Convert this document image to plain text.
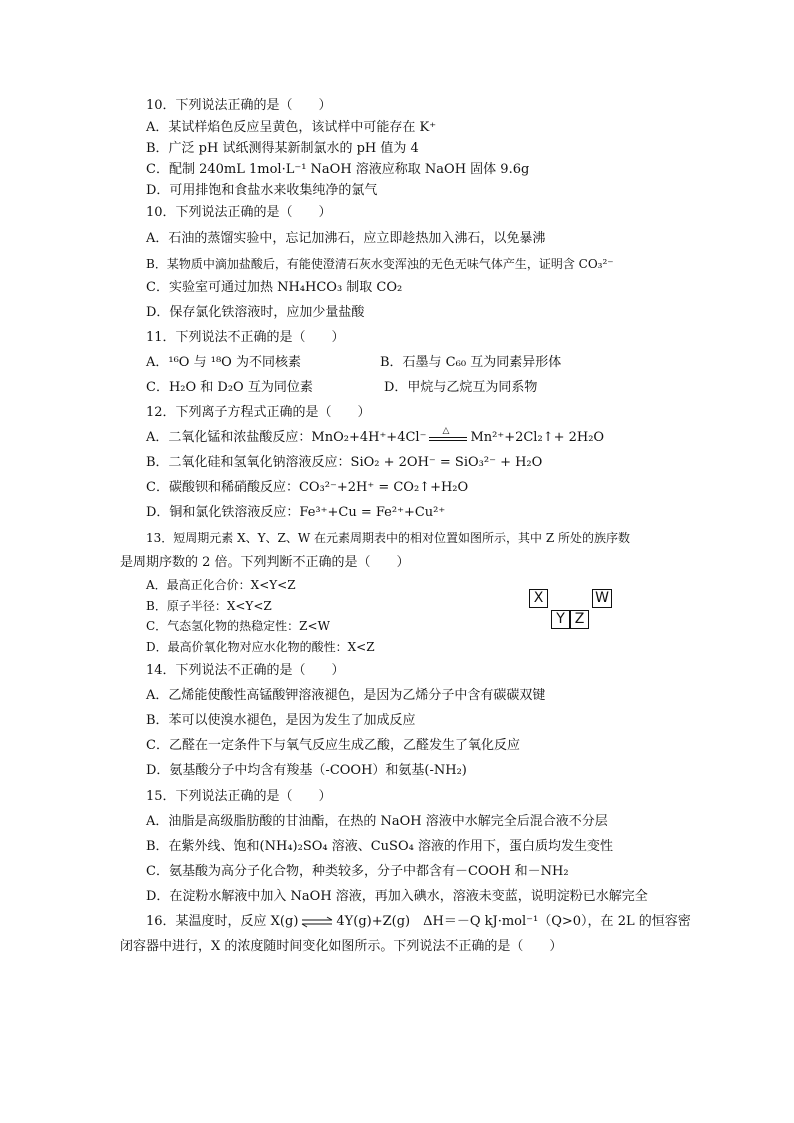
10．下列说法正确的是（　　）
A．某试样焰色反应呈黄色，该试样中可能存在 K⁺
B．广泛 pH 试纸测得某新制氯水的 pH 值为 4
C．配制 240mL 1mol·L⁻¹ NaOH 溶液应称取 NaOH 固体 9.6g
D．可用排饱和食盐水来收集纯净的氯气
10．下列说法正确的是（　　）
A．石油的蒸馏实验中，忘记加沸石，应立即趁热加入沸石，以免暴沸
B．某物质中滴加盐酸后，有能使澄清石灰水变浑浊的无色无味气体产生，证明含 CO₃²⁻
C．实验室可通过加热 NH₄HCO₃ 制取 CO₂
D．保存氯化铁溶液时，应加少量盐酸
11．下列说法不正确的是（　　）
A．¹⁶O 与 ¹⁸O 为不同核素	B．石墨与 C₆₀ 互为同素异形体
C．H₂O 和 D₂O 互为同位素	D．甲烷与乙烷互为同系物
12．下列离子方程式正确的是（　　）
A．二氧化锰和浓盐酸反应：MnO₂+4H⁺+4Cl⁻ △ Mn²⁺+2Cl₂↑+ 2H₂O
B．二氧化硅和氢氧化钠溶液反应：SiO₂ + 2OH⁻ = SiO₃²⁻ + H₂O
C．碳酸钡和稀硝酸反应：CO₃²⁻+2H⁺ = CO₂↑+H₂O
D．铜和氯化铁溶液反应：Fe³⁺+Cu = Fe²⁺+Cu²⁺
13．短周期元素 X、Y、Z、W 在元素周期表中的相对位置如图所示，其中 Z 所处的族序数
是周期序数的 2 倍。下列判断不正确的是（　　）
A．最高正化合价：X<Y<Z
B．原子半径：X<Y<Z
C．气态氢化物的热稳定性：Z<W
D．最高价氧化物对应水化物的酸性：X<Z
X	W
Y Z
14．下列说法不正确的是（　　）
A．乙烯能使酸性高锰酸钾溶液褪色，是因为乙烯分子中含有碳碳双键
B．苯可以使溴水褪色，是因为发生了加成反应
C．乙醛在一定条件下与氧气反应生成乙酸，乙醛发生了氧化反应
D．氨基酸分子中均含有羧基（-COOH）和氨基(-NH₂)
15．下列说法正确的是（　　）
A．油脂是高级脂肪酸的甘油酯，在热的 NaOH 溶液中水解完全后混合液不分层
B．在紫外线、饱和(NH₄)₂SO₄ 溶液、CuSO₄ 溶液的作用下，蛋白质均发生变性
C．氨基酸为高分子化合物，种类较多，分子中都含有－COOH 和－NH₂
D．在淀粉水解液中加入 NaOH 溶液，再加入碘水，溶液未变蓝，说明淀粉已水解完全
16．某温度时，反应 X(g) ⇌ 4Y(g)+Z(g)　ΔH＝－Q kJ·mol⁻¹（Q>0），在 2L 的恒容密
闭容器中进行，X 的浓度随时间变化如图所示。下列说法不正确的是（　　）
